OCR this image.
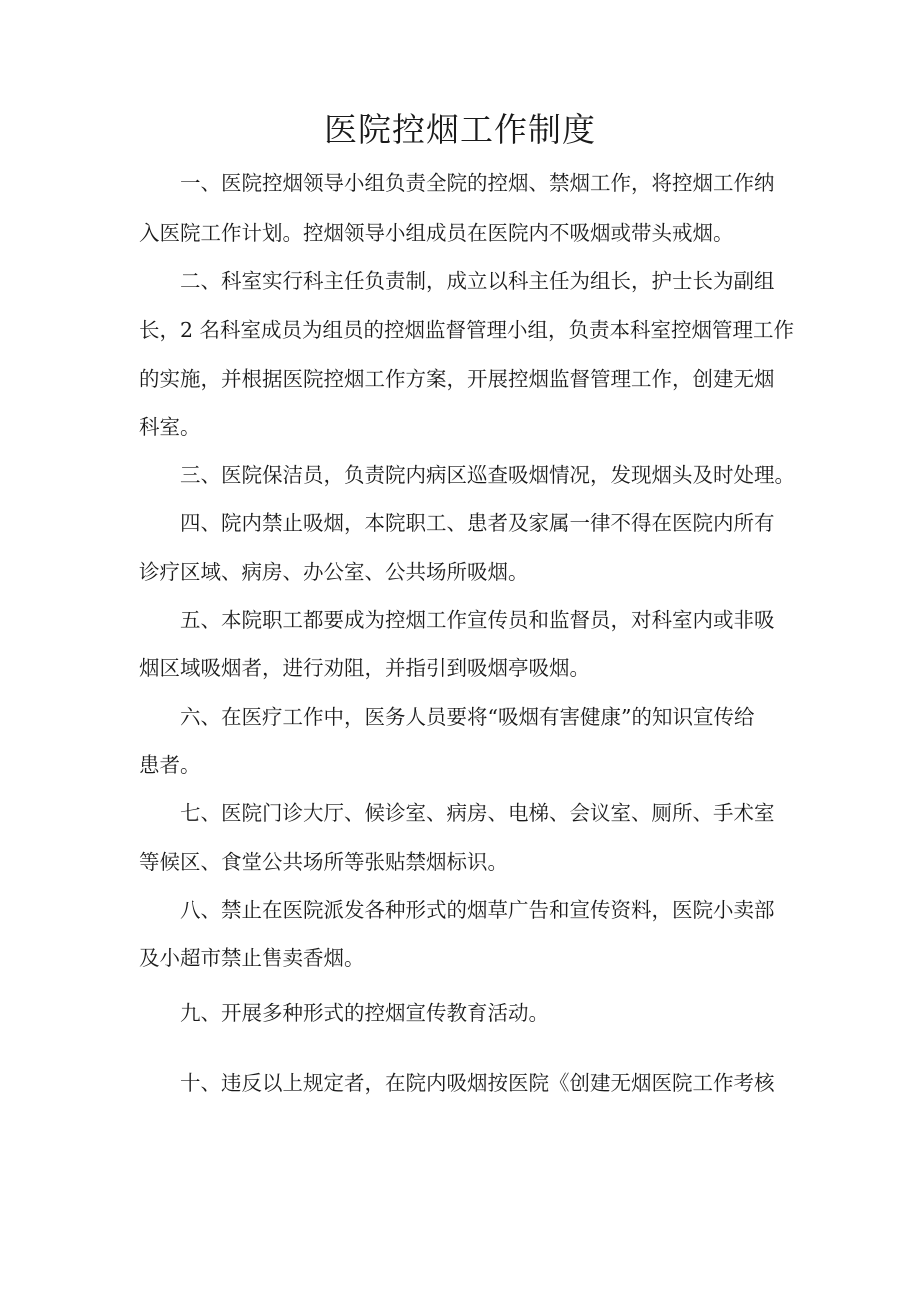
医院控烟工作制度

一、医院控烟领导小组负责全院的控烟、禁烟工作，将控烟工作纳

入医院工作计划。控烟领导小组成员在医院内不吸烟或带头戒烟。

二、科室实行科主任负责制，成立以科主任为组长，护士长为副组

长，2 名科室成员为组员的控烟监督管理小组，负责本科室控烟管理工作

的实施，并根据医院控烟工作方案，开展控烟监督管理工作，创建无烟

科室。

三、医院保洁员，负责院内病区巡查吸烟情况，发现烟头及时处理。

四、院内禁止吸烟，本院职工、患者及家属一律不得在医院内所有

诊疗区域、病房、办公室、公共场所吸烟。

五、本院职工都要成为控烟工作宣传员和监督员，对科室内或非吸

烟区域吸烟者，进行劝阻，并指引到吸烟亭吸烟。

六、在医疗工作中，医务人员要将“吸烟有害健康”的知识宣传给

患者。

七、医院门诊大厅、候诊室、病房、电梯、会议室、厕所、手术室

等候区、食堂公共场所等张贴禁烟标识。

八、禁止在医院派发各种形式的烟草广告和宣传资料，医院小卖部

及小超市禁止售卖香烟。

九、开展多种形式的控烟宣传教育活动。

十、违反以上规定者，在院内吸烟按医院《创建无烟医院工作考核
